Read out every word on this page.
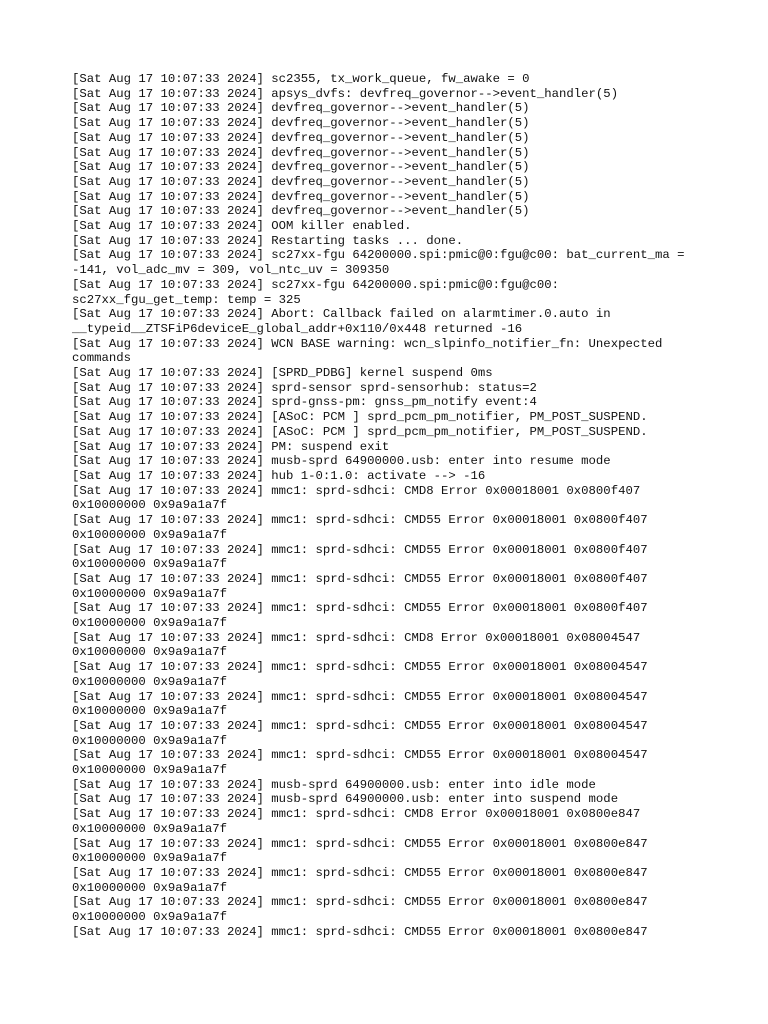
[Sat Aug 17 10:07:33 2024] sc2355, tx_work_queue, fw_awake = 0
[Sat Aug 17 10:07:33 2024] apsys_dvfs: devfreq_governor-->event_handler(5)
[Sat Aug 17 10:07:33 2024] devfreq_governor-->event_handler(5)
[Sat Aug 17 10:07:33 2024] devfreq_governor-->event_handler(5)
[Sat Aug 17 10:07:33 2024] devfreq_governor-->event_handler(5)
[Sat Aug 17 10:07:33 2024] devfreq_governor-->event_handler(5)
[Sat Aug 17 10:07:33 2024] devfreq_governor-->event_handler(5)
[Sat Aug 17 10:07:33 2024] devfreq_governor-->event_handler(5)
[Sat Aug 17 10:07:33 2024] devfreq_governor-->event_handler(5)
[Sat Aug 17 10:07:33 2024] devfreq_governor-->event_handler(5)
[Sat Aug 17 10:07:33 2024] OOM killer enabled.
[Sat Aug 17 10:07:33 2024] Restarting tasks ... done.
[Sat Aug 17 10:07:33 2024] sc27xx-fgu 64200000.spi:pmic@0:fgu@c00: bat_current_ma =
-141, vol_adc_mv = 309, vol_ntc_uv = 309350
[Sat Aug 17 10:07:33 2024] sc27xx-fgu 64200000.spi:pmic@0:fgu@c00:
sc27xx_fgu_get_temp: temp = 325
[Sat Aug 17 10:07:33 2024] Abort: Callback failed on alarmtimer.0.auto in
__typeid__ZTSFiP6deviceE_global_addr+0x110/0x448 returned -16
[Sat Aug 17 10:07:33 2024] WCN BASE warning: wcn_slpinfo_notifier_fn: Unexpected
commands
[Sat Aug 17 10:07:33 2024] [SPRD_PDBG] kernel suspend 0ms
[Sat Aug 17 10:07:33 2024] sprd-sensor sprd-sensorhub: status=2
[Sat Aug 17 10:07:33 2024] sprd-gnss-pm: gnss_pm_notify event:4
[Sat Aug 17 10:07:33 2024] [ASoC: PCM ] sprd_pcm_pm_notifier, PM_POST_SUSPEND.
[Sat Aug 17 10:07:33 2024] [ASoC: PCM ] sprd_pcm_pm_notifier, PM_POST_SUSPEND.
[Sat Aug 17 10:07:33 2024] PM: suspend exit
[Sat Aug 17 10:07:33 2024] musb-sprd 64900000.usb: enter into resume mode
[Sat Aug 17 10:07:33 2024] hub 1-0:1.0: activate --> -16
[Sat Aug 17 10:07:33 2024] mmc1: sprd-sdhci: CMD8 Error 0x00018001 0x0800f407
0x10000000 0x9a9a1a7f
[Sat Aug 17 10:07:33 2024] mmc1: sprd-sdhci: CMD55 Error 0x00018001 0x0800f407
0x10000000 0x9a9a1a7f
[Sat Aug 17 10:07:33 2024] mmc1: sprd-sdhci: CMD55 Error 0x00018001 0x0800f407
0x10000000 0x9a9a1a7f
[Sat Aug 17 10:07:33 2024] mmc1: sprd-sdhci: CMD55 Error 0x00018001 0x0800f407
0x10000000 0x9a9a1a7f
[Sat Aug 17 10:07:33 2024] mmc1: sprd-sdhci: CMD55 Error 0x00018001 0x0800f407
0x10000000 0x9a9a1a7f
[Sat Aug 17 10:07:33 2024] mmc1: sprd-sdhci: CMD8 Error 0x00018001 0x08004547
0x10000000 0x9a9a1a7f
[Sat Aug 17 10:07:33 2024] mmc1: sprd-sdhci: CMD55 Error 0x00018001 0x08004547
0x10000000 0x9a9a1a7f
[Sat Aug 17 10:07:33 2024] mmc1: sprd-sdhci: CMD55 Error 0x00018001 0x08004547
0x10000000 0x9a9a1a7f
[Sat Aug 17 10:07:33 2024] mmc1: sprd-sdhci: CMD55 Error 0x00018001 0x08004547
0x10000000 0x9a9a1a7f
[Sat Aug 17 10:07:33 2024] mmc1: sprd-sdhci: CMD55 Error 0x00018001 0x08004547
0x10000000 0x9a9a1a7f
[Sat Aug 17 10:07:33 2024] musb-sprd 64900000.usb: enter into idle mode
[Sat Aug 17 10:07:33 2024] musb-sprd 64900000.usb: enter into suspend mode
[Sat Aug 17 10:07:33 2024] mmc1: sprd-sdhci: CMD8 Error 0x00018001 0x0800e847
0x10000000 0x9a9a1a7f
[Sat Aug 17 10:07:33 2024] mmc1: sprd-sdhci: CMD55 Error 0x00018001 0x0800e847
0x10000000 0x9a9a1a7f
[Sat Aug 17 10:07:33 2024] mmc1: sprd-sdhci: CMD55 Error 0x00018001 0x0800e847
0x10000000 0x9a9a1a7f
[Sat Aug 17 10:07:33 2024] mmc1: sprd-sdhci: CMD55 Error 0x00018001 0x0800e847
0x10000000 0x9a9a1a7f
[Sat Aug 17 10:07:33 2024] mmc1: sprd-sdhci: CMD55 Error 0x00018001 0x0800e847
